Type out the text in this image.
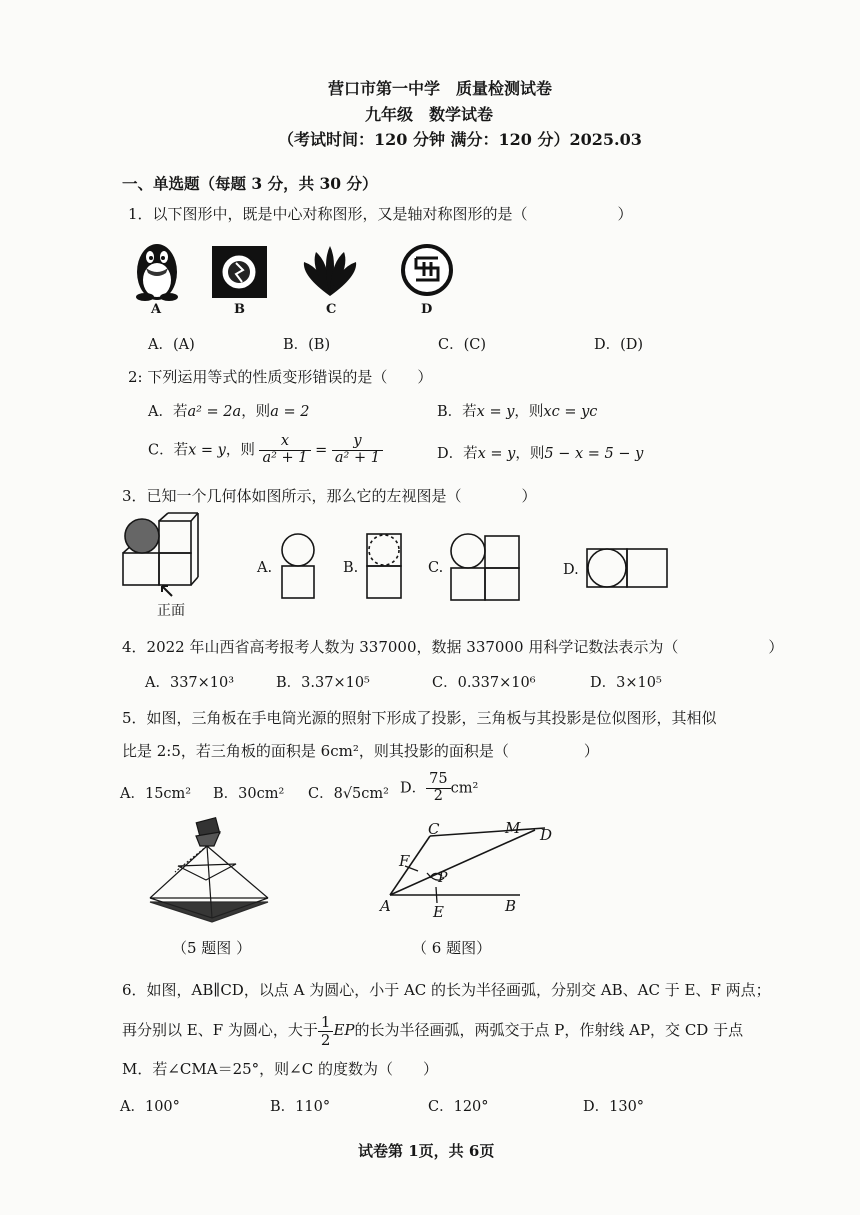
营口市第一中学　质量检测试卷
九年级　数学试卷
（考试时间：120 分钟 满分：120 分）2025.03
一、单选题（每题 3 分，共 30 分）
1．以下图形中，既是中心对称图形，又是轴对称图形的是（　　　　　　）
A	B	C	D
A．(A)	B．(B)	C．(C)	D．(D)
2: 下列运用等式的性质变形错误的是（　　）
A．若a² = 2a，则a = 2	B．若x = y，则xc = yc
C．若x = y，则 $\frac{x}{\text{a² + 1}} = \frac{y}{\text{a² + 1}}$	D．若x = y，则5 − x = 5 − y
3．已知一个几何体如图所示，那么它的左视图是（　　　　）
正面
A.	B.	C.	D.
4．2022 年山西省高考报考人数为 337000，数据 337000 用科学记数法表示为（　　　　　　）
A．337×10³	B．3.37×10⁵	C．0.337×10⁶	D．3×10⁵
5．如图，三角板在手电筒光源的照射下形成了投影，三角板与其投影是位似图形，其相似
比是 2:5，若三角板的面积是 6cm²，则其投影的面积是（　　　　　）
A．15cm² B．30cm² C．8√5cm² D． $\frac{75}{2} cm^2$
（5 题图 ）
C	M D
F
P
A	E	B
（ 6 题图）
6．如图，AB∥CD，以点 A 为圆心，小于 AC 的长为半径画弧，分别交 AB、AC 于 E、F 两点；
再分别以 E、F 为圆心，大于 $\frac{1}{2}$ EP的长为半径画弧，两弧交于点 P，作射线 AP，交 CD 于点
M．若∠CMA＝25°，则∠C 的度数为（　　）
A．100°	B．110°	C．120°	D．130°
试卷第 1页，共 6页
